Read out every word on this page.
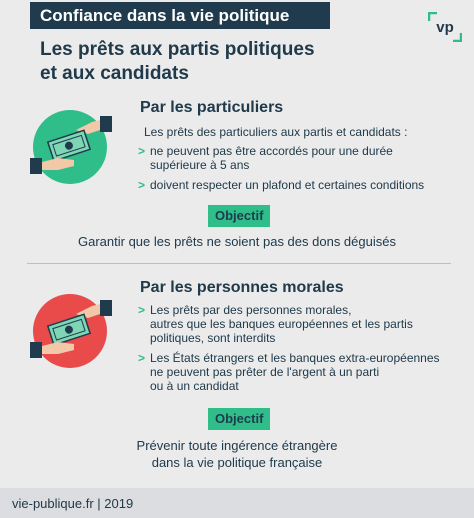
Confiance dans la vie politique
vp
Les prêts aux partis politiques
et aux candidats
Par les particuliers
Les prêts des particuliers aux partis et candidats :
> ne peuvent pas être accordés pour une durée
supérieure à 5 ans
> doivent respecter un plafond et certaines conditions
Objectif
Garantir que les prêts ne soient pas des dons déguisés
Par les personnes morales
> Les prêts par des personnes morales,
autres que les banques européennes et les partis
politiques, sont interdits
> Les États étrangers et les banques extra-européennes
ne peuvent pas prêter de l'argent à un parti
ou à un candidat
Objectif
Prévenir toute ingérence étrangère
dans la vie politique française
vie-publique.fr | 2019
